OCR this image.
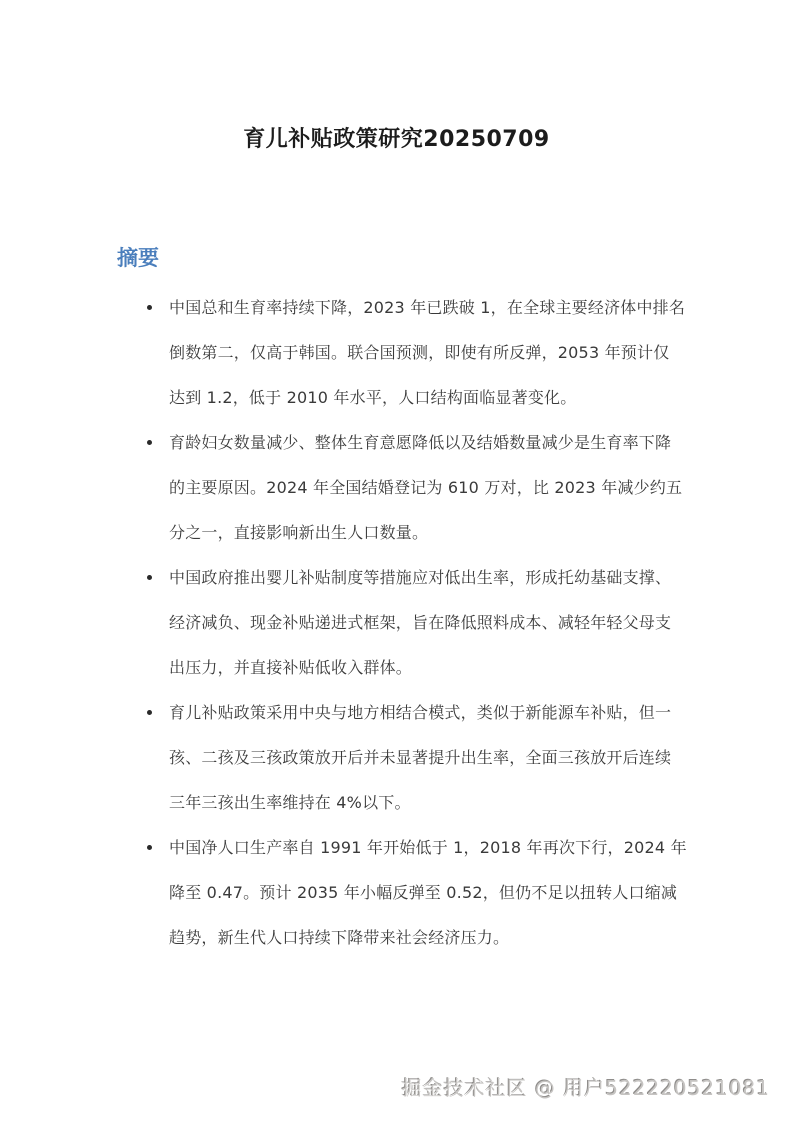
育儿补贴政策研究20250709
摘要
中国总和生育率持续下降，2023 年已跌破 1，在全球主要经济体中排名
倒数第二，仅高于韩国。联合国预测，即使有所反弹，2053 年预计仅
达到 1.2，低于 2010 年水平，人口结构面临显著变化。
育龄妇女数量减少、整体生育意愿降低以及结婚数量减少是生育率下降
的主要原因。2024 年全国结婚登记为 610 万对，比 2023 年减少约五
分之一，直接影响新出生人口数量。
中国政府推出婴儿补贴制度等措施应对低出生率，形成托幼基础支撑、
经济减负、现金补贴递进式框架，旨在降低照料成本、减轻年轻父母支
出压力，并直接补贴低收入群体。
育儿补贴政策采用中央与地方相结合模式，类似于新能源车补贴，但一
孩、二孩及三孩政策放开后并未显著提升出生率，全面三孩放开后连续
三年三孩出生率维持在 4%以下。
中国净人口生产率自 1991 年开始低于 1，2018 年再次下行，2024 年
降至 0.47。预计 2035 年小幅反弹至 0.52，但仍不足以扭转人口缩减
趋势，新生代人口持续下降带来社会经济压力。
掘金技术社区 @ 用户522220521081
